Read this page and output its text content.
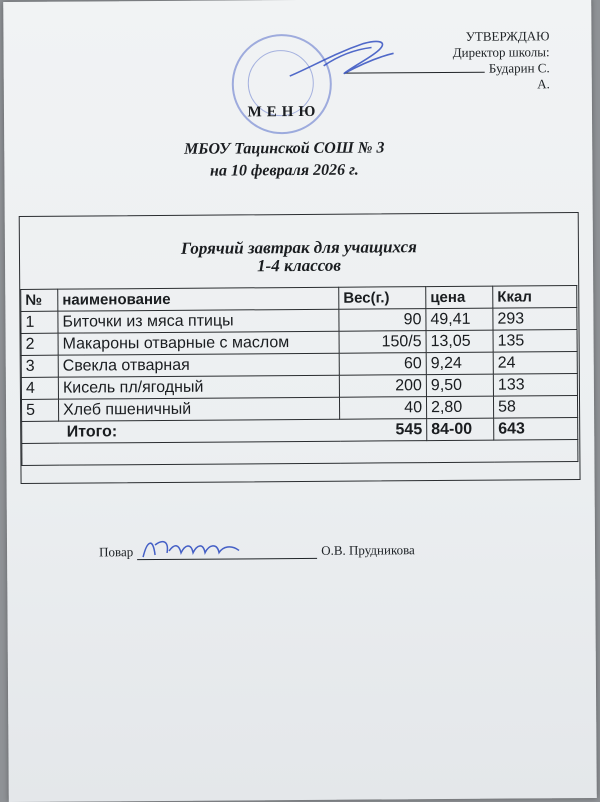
УТВЕРЖДАЮ
Директор школы:
Бударин С. А.
МЕНЮ
МБОУ Тацинской СОШ № 3
на 10 февраля 2026 г.
Горячий завтрак для учащихся
1-4 классов
№	наименование	Вес(г.)	цена	Ккал
1	Биточки из мяса птицы	90	49,41	293
2	Макароны отварные с маслом	150/5	13,05	135
3	Свекла отварная	60	9,24	24
4	Кисель пл/ягодный	200	9,50	133
5	Хлеб пшеничный	40	2,80	58
	Итого:	545	84-00	643

Повар	О.В. Прудникова
